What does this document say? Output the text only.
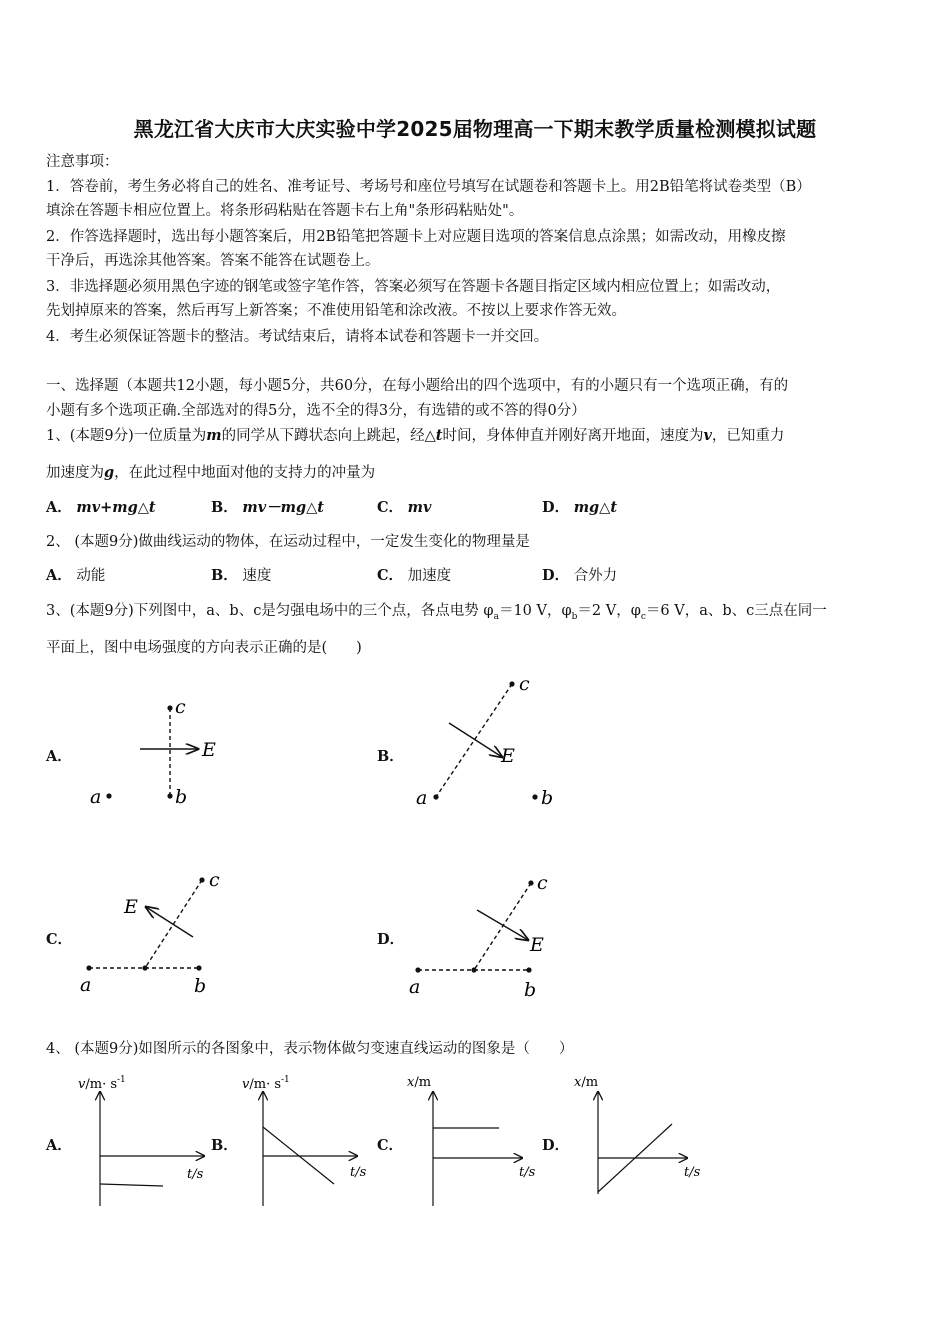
黑龙江省大庆市大庆实验中学2025届物理高一下期末教学质量检测模拟试题
注意事项：
1．答卷前，考生务必将自己的姓名、准考证号、考场号和座位号填写在试题卷和答题卡上。用2B铅笔将试卷类型（B）
填涂在答题卡相应位置上。将条形码粘贴在答题卡右上角"条形码粘贴处"。
2．作答选择题时，选出每小题答案后，用2B铅笔把答题卡上对应题目选项的答案信息点涂黑；如需改动，用橡皮擦
干净后，再选涂其他答案。答案不能答在试题卷上。
3．非选择题必须用黑色字迹的钢笔或签字笔作答，答案必须写在答题卡各题目指定区域内相应位置上；如需改动，
先划掉原来的答案，然后再写上新答案；不准使用铅笔和涂改液。不按以上要求作答无效。
4．考生必须保证答题卡的整洁。考试结束后，请将本试卷和答题卡一并交回。
一、选择题（本题共12小题，每小题5分，共60分，在每小题给出的四个选项中，有的小题只有一个选项正确，有的
小题有多个选项正确.全部选对的得5分，选不全的得3分，有选错的或不答的得0分）
1、(本题9分)一位质量为m的同学从下蹲状态向上跳起，经△t时间，身体伸直并刚好离开地面，速度为v，已知重力
加速度为g，在此过程中地面对他的支持力的冲量为
A． mv+mg△t	B． mv－mg△t	C． mv	D． mg△t
2、 (本题9分)做曲线运动的物体，在运动过程中，一定发生变化的物理量是
A． 动能	B． 速度	C． 加速度	D． 合外力
3、(本题9分)下列图中，a、b、c是匀强电场中的三个点，各点电势 $\varphi_a=10$ V，$\varphi_b=2$ V，$\varphi_c=6$ V，a、b、c三点在同一
平面上，图中电场强度的方向表示正确的是(　　)
A．	B．
C．	D．
c
b
a
E
c
a	b
E
c
a	b
E
c
a	b
E
4、 (本题9分)如图所示的各图象中，表示物体做匀变速直线运动的图象是（　　）
A．	B．	C．	D．
$v/m\cdot s^{-1}$
t/s
$v/m\cdot s^{-1}$
t/s
x/m
t/s
x/m
t/s
